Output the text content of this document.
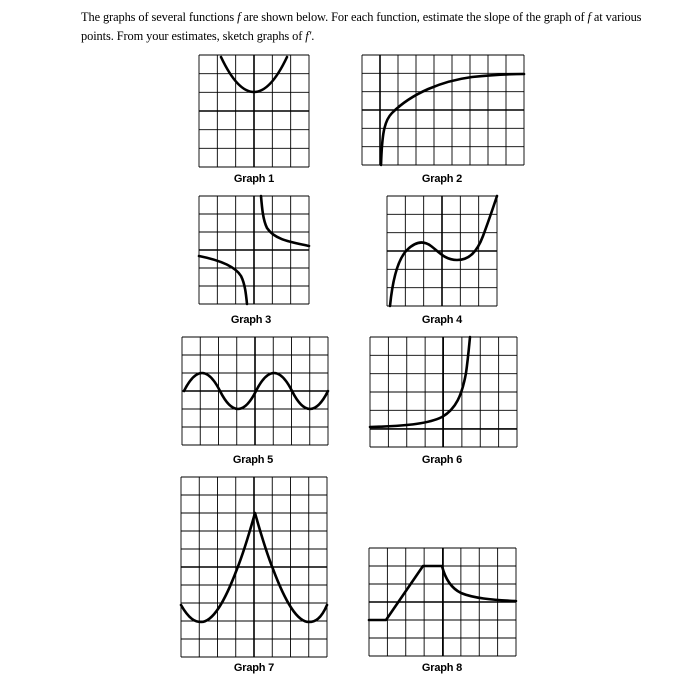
The graphs of several functions f are shown below. For each function, estimate the slope of the graph of f at various points. From your estimates, sketch graphs of f′.
Graph 1	Graph 2
Graph 3	Graph 4
Graph 5	Graph 6
Graph 7	Graph 8
